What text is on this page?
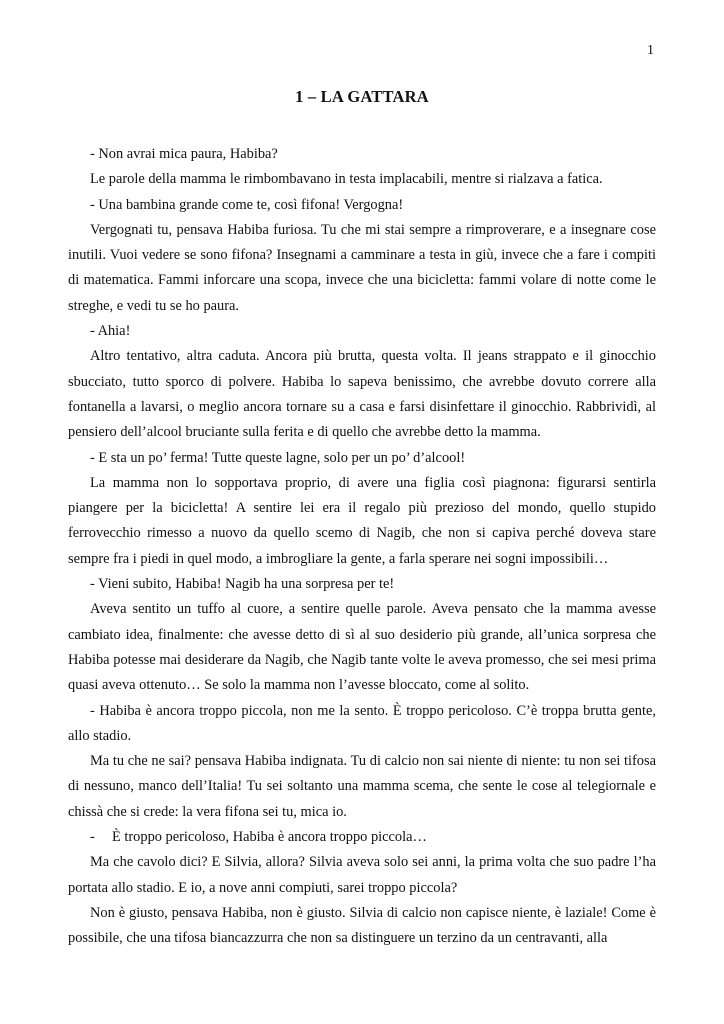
1
1 – LA GATTARA

- Non avrai mica paura, Habiba?

Le parole della mamma le rimbombavano in testa implacabili, mentre si rialzava a fatica.

- Una bambina grande come te, così fifona! Vergogna!

Vergognati tu, pensava Habiba furiosa. Tu che mi stai sempre a rimproverare, e a insegnare cose inutili. Vuoi vedere se sono fifona? Insegnami a camminare a testa in giù, invece che a fare i compiti di matematica. Fammi inforcare una scopa, invece che una bicicletta: fammi volare di notte come le streghe, e vedi tu se ho paura.

- Ahia!

Altro tentativo, altra caduta. Ancora più brutta, questa volta. Il jeans strappato e il ginocchio sbucciato, tutto sporco di polvere. Habiba lo sapeva benissimo, che avrebbe dovuto correre alla fontanella a lavarsi, o meglio ancora tornare su a casa e farsi disinfettare il ginocchio. Rabbrividì, al pensiero dell’alcool bruciante sulla ferita e di quello che avrebbe detto la mamma.

- E sta un po’ ferma! Tutte queste lagne, solo per un po’ d’alcool!

La mamma non lo sopportava proprio, di avere una figlia così piagnona: figurarsi sentirla piangere per la bicicletta! A sentire lei era il regalo più prezioso del mondo, quello stupido ferrovecchio rimesso a nuovo da quello scemo di Nagib, che non si capiva perché doveva stare sempre fra i piedi in quel modo, a imbrogliare la gente, a farla sperare nei sogni impossibili…

- Vieni subito, Habiba! Nagib ha una sorpresa per te!

Aveva sentito un tuffo al cuore, a sentire quelle parole. Aveva pensato che la mamma avesse cambiato idea, finalmente: che avesse detto di sì al suo desiderio più grande, all’unica sorpresa che Habiba potesse mai desiderare da Nagib, che Nagib tante volte le aveva promesso, che sei mesi prima quasi aveva ottenuto… Se solo la mamma non l’avesse bloccato, come al solito.

- Habiba è ancora troppo piccola, non me la sento. È troppo pericoloso. C’è troppa brutta gente, allo stadio.

Ma tu che ne sai? pensava Habiba indignata. Tu di calcio non sai niente di niente: tu non sei tifosa di nessuno, manco dell’Italia! Tu sei soltanto una mamma scema, che sente le cose al telegiornale e chissà che si crede: la vera fifona sei tu, mica io.

- È troppo pericoloso, Habiba è ancora troppo piccola…

Ma che cavolo dici? E Silvia, allora? Silvia aveva solo sei anni, la prima volta che suo padre l’ha portata allo stadio. E io, a nove anni compiuti, sarei troppo piccola?

Non è giusto, pensava Habiba, non è giusto. Silvia di calcio non capisce niente, è laziale! Come è possibile, che una tifosa biancazzurra che non sa distinguere un terzino da un centravanti, alla
